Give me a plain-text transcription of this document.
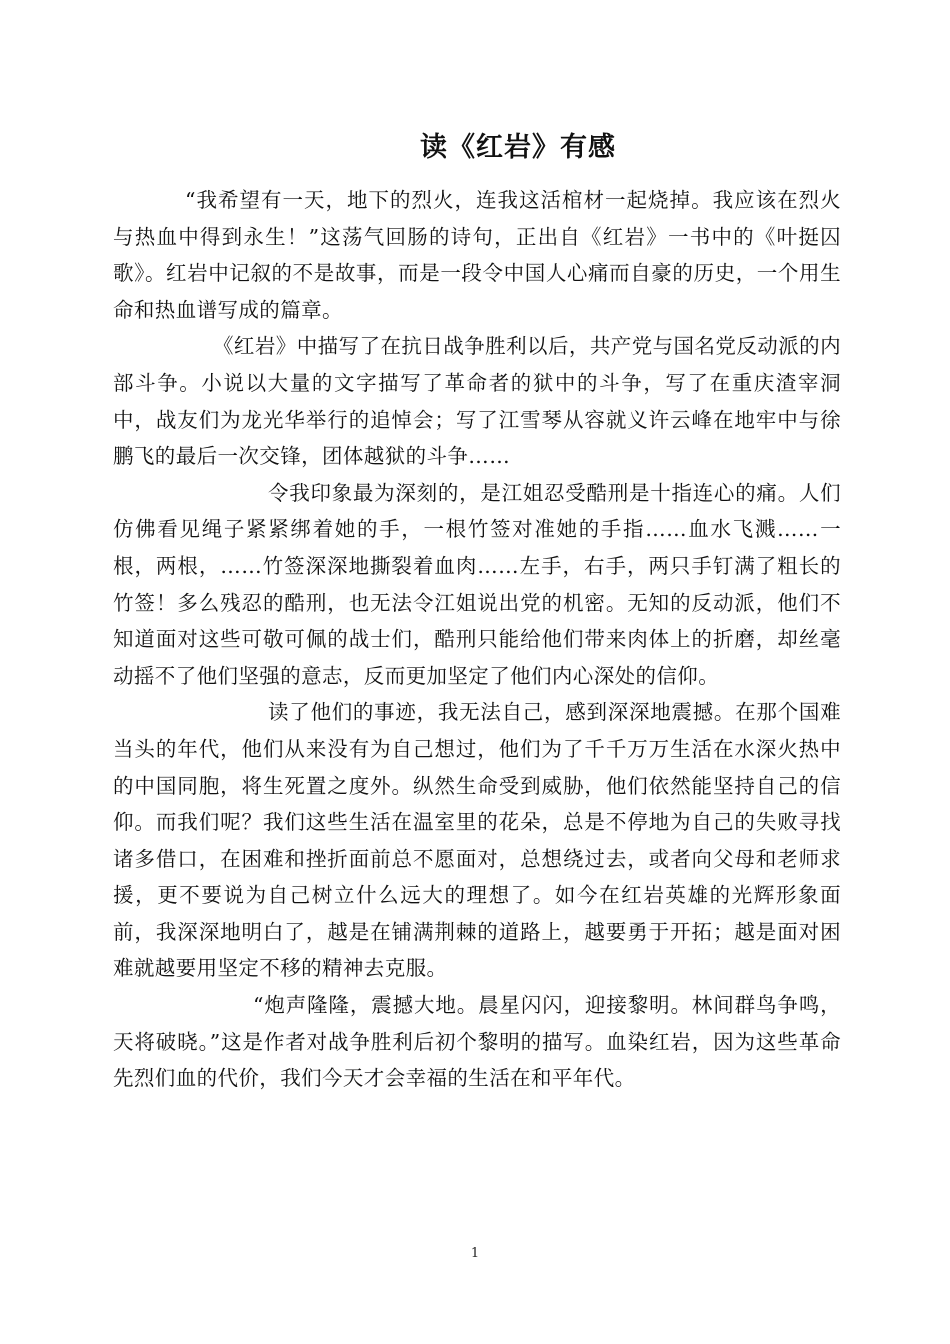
读《红岩》有感

“我希望有一天，地下的烈火，连我这活棺材一起烧掉。我应该在烈火与热血中得到永生！”这荡气回肠的诗句，正出自《红岩》一书中的《叶挺囚歌》。红岩中记叙的不是故事，而是一段令中国人心痛而自豪的历史，一个用生命和热血谱写成的篇章。

《红岩》中描写了在抗日战争胜利以后，共产党与国名党反动派的内部斗争。小说以大量的文字描写了革命者的狱中的斗争，写了在重庆渣宰洞中，战友们为龙光华举行的追悼会；写了江雪琴从容就义许云峰在地牢中与徐鹏飞的最后一次交锋，团体越狱的斗争……

令我印象最为深刻的，是江姐忍受酷刑是十指连心的痛。人们仿佛看见绳子紧紧绑着她的手，一根竹签对准她的手指……血水飞溅……一根，两根，……竹签深深地撕裂着血肉……左手，右手，两只手钉满了粗长的竹签！多么残忍的酷刑，也无法令江姐说出党的机密。无知的反动派，他们不知道面对这些可敬可佩的战士们，酷刑只能给他们带来肉体上的折磨，却丝毫动摇不了他们坚强的意志，反而更加坚定了他们内心深处的信仰。

读了他们的事迹，我无法自己，感到深深地震撼。在那个国难当头的年代，他们从来没有为自己想过，他们为了千千万万生活在水深火热中的中国同胞，将生死置之度外。纵然生命受到威胁，他们依然能坚持自己的信仰。而我们呢？我们这些生活在温室里的花朵，总是不停地为自己的失败寻找诸多借口，在困难和挫折面前总不愿面对，总想绕过去，或者向父母和老师求援，更不要说为自己树立什么远大的理想了。如今在红岩英雄的光辉形象面前，我深深地明白了，越是在铺满荆棘的道路上，越要勇于开拓；越是面对困难就越要用坚定不移的精神去克服。

“炮声隆隆，震撼大地。晨星闪闪，迎接黎明。林间群鸟争鸣，天将破晓。”这是作者对战争胜利后初个黎明的描写。血染红岩，因为这些革命先烈们血的代价，我们今天才会幸福的生活在和平年代。

1
